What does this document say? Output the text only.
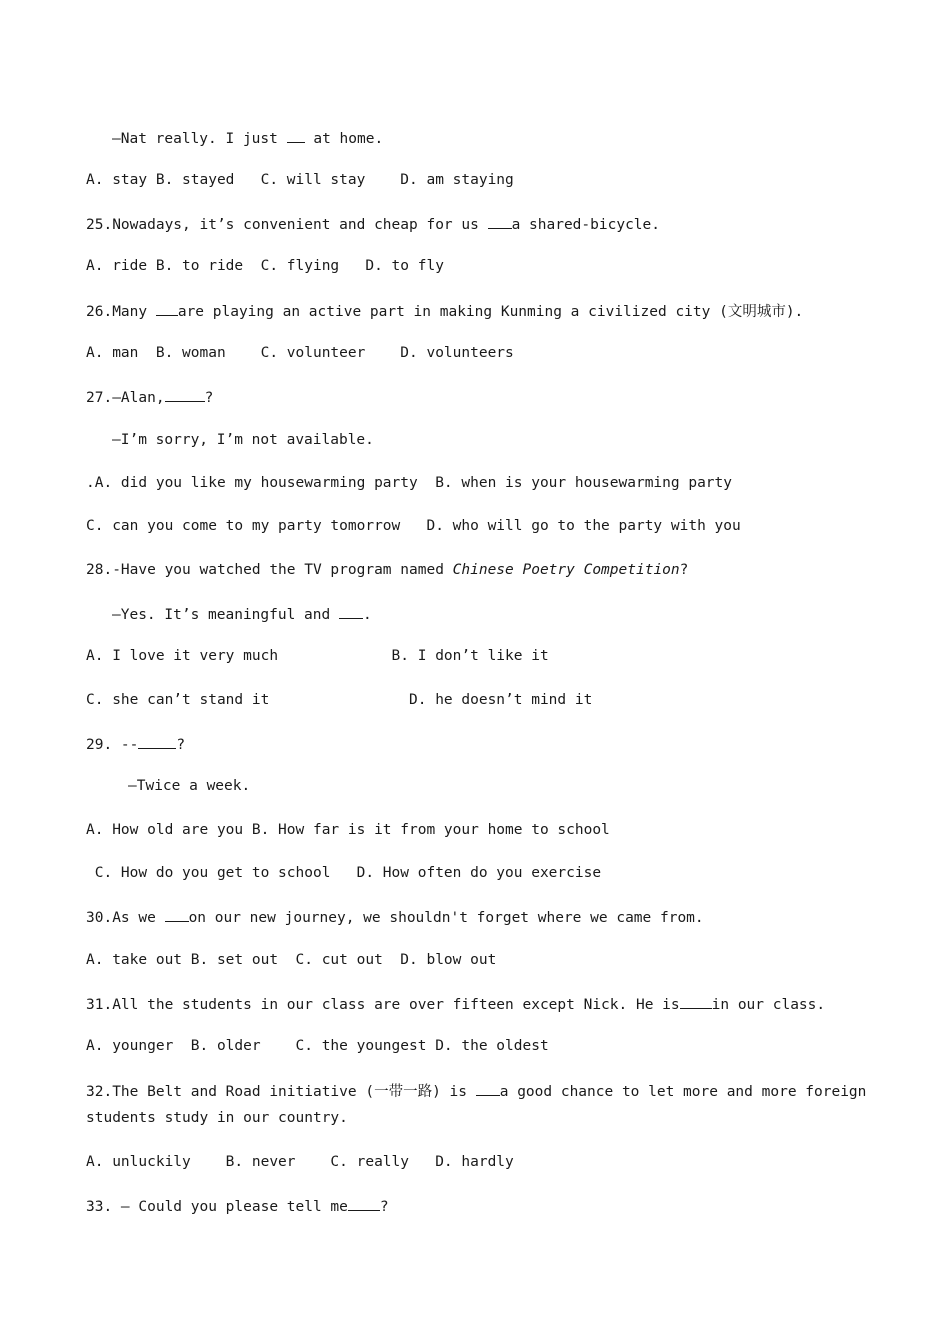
—Nat really. I just  at home.
A. stay B. stayed   C. will stay    D. am staying
25.Nowadays, it’s convenient and cheap for us a shared-bicycle.
A. ride B. to ride  C. flying   D. to fly
26.Many are playing an active part in making Kunming a civilized city (文明城市).
A. man  B. woman    C. volunteer    D. volunteers
27.—Alan,	?
—I’m sorry, I’m not available.
.A. did you like my housewarming party  B. when is your housewarming party
C. can you come to my party tomorrow   D. who will go to the party with you
28.-Have you watched the TV program named Chinese Poetry Competition?
—Yes. It’s meaningful and .
A. I love it very much             B. I don’t like it
C. she can’t stand it                D. he doesn’t mind it
29. --	?
—Twice a week.
A. How old are you B. How far is it from your home to school
C. How do you get to school   D. How often do you exercise
30.As we on our new journey, we shouldn't forget where we came from.
A. take out B. set out  C. cut out  D. blow out
31.All the students in our class are over fifteen except Nick. He is in our class.
A. younger  B. older    C. the youngest D. the oldest
32.The Belt and Road initiative (一带一路) is a good chance to let more and more foreign
students study in our country.
A. unluckily    B. never    C. really   D. hardly
33. — Could you please tell me ?
